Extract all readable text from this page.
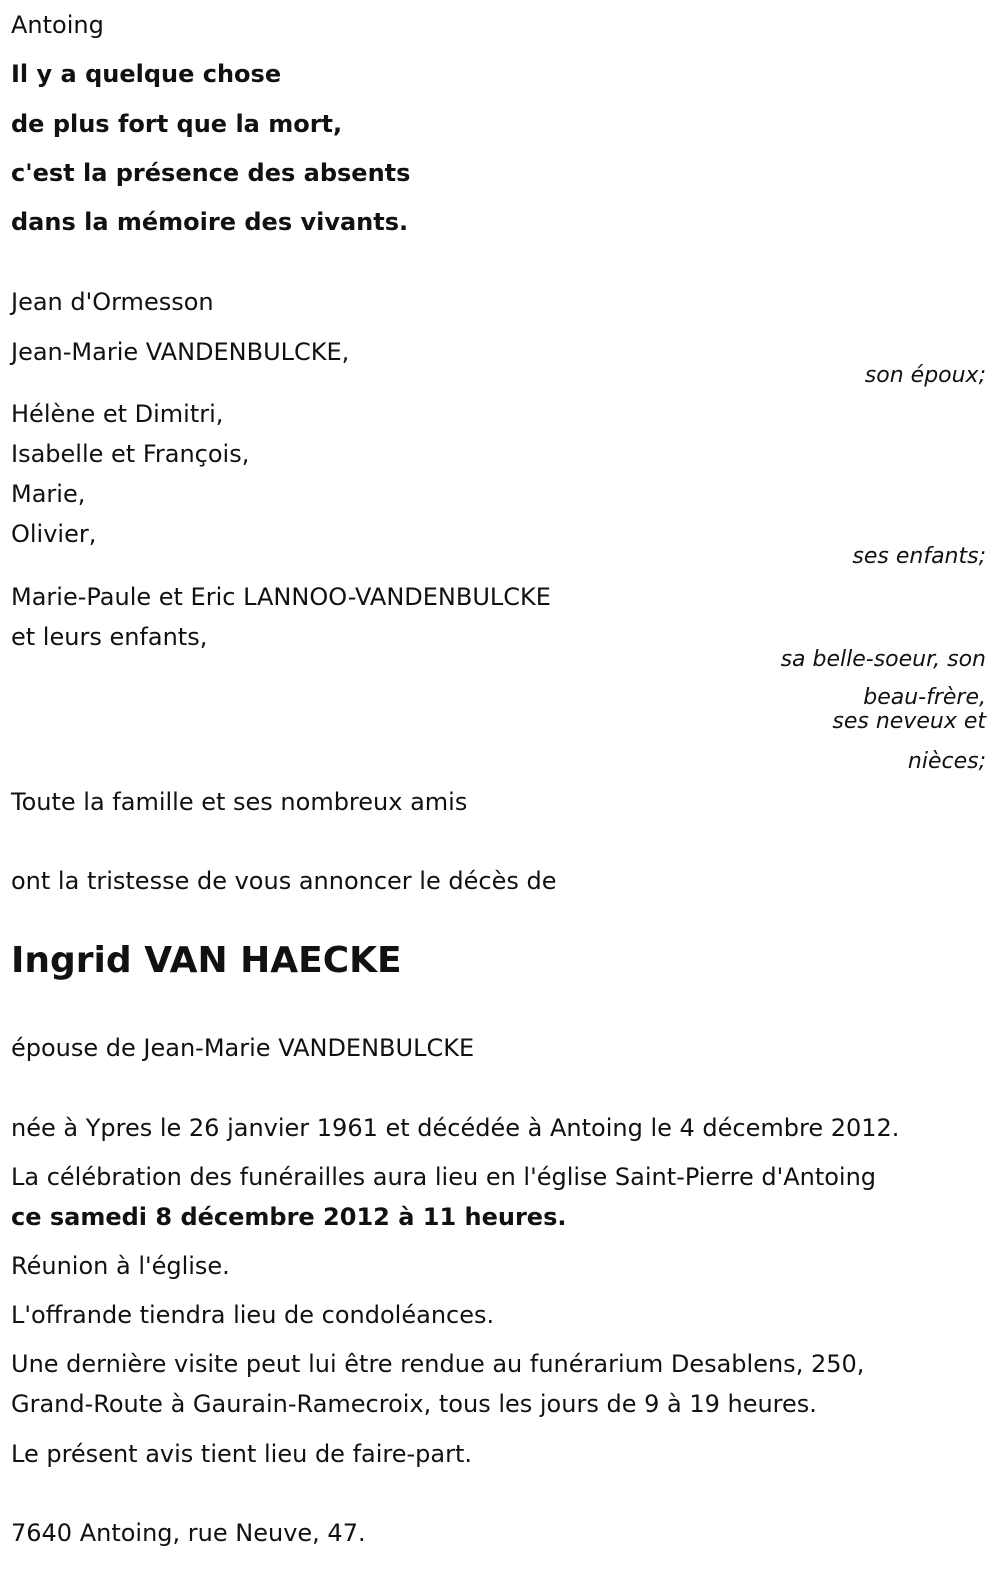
Antoing
Il y a quelque chose
de plus fort que la mort,
c'est la présence des absents
dans la mémoire des vivants.
Jean d'Ormesson
Jean-Marie VANDENBULCKE,
son époux;
Hélène et Dimitri,
Isabelle et François,
Marie,
Olivier,
ses enfants;
Marie-Paule et Eric LANNOO-VANDENBULCKE
et leurs enfants,
sa belle-soeur, son
beau-frère,
ses neveux et
nièces;
Toute la famille et ses nombreux amis
ont la tristesse de vous annoncer le décès de
Ingrid VAN HAECKE
épouse de Jean-Marie VANDENBULCKE
née à Ypres le 26 janvier 1961 et décédée à Antoing le 4 décembre 2012.
La célébration des funérailles aura lieu en l'église Saint-Pierre d'Antoing
ce samedi 8 décembre 2012 à 11 heures.
Réunion à l'église.
L'offrande tiendra lieu de condoléances.
Une dernière visite peut lui être rendue au funérarium Desablens, 250,
Grand-Route à Gaurain-Ramecroix, tous les jours de 9 à 19 heures.
Le présent avis tient lieu de faire-part.
7640 Antoing, rue Neuve, 47.
